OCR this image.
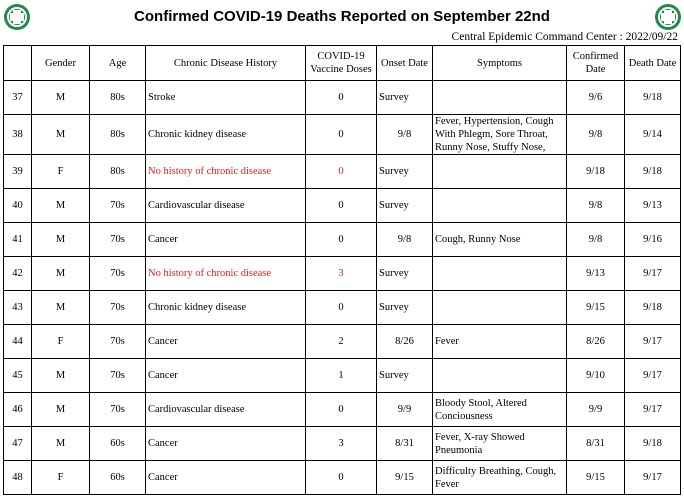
Confirmed COVID-19 Deaths Reported on September 22nd
Central Epidemic Command Center : 2022/09/22
	Gender	Age	Chronic Disease History	COVID-19 Vaccine Doses	Onset Date	Symptoms	Confirmed Date	Death Date
37	M	80s	Stroke	0	Survey		9/6	9/18
38	M	80s	Chronic kidney disease	0	9/8	Fever, Hypertension, Cough With Phlegm, Sore Throat, Runny Nose, Stuffy Nose,	9/8	9/14
39	F	80s	No history of chronic disease	0	Survey		9/18	9/18
40	M	70s	Cardiovascular disease	0	Survey		9/8	9/13
41	M	70s	Cancer	0	9/8	Cough, Runny Nose	9/8	9/16
42	M	70s	No history of chronic disease	3	Survey		9/13	9/17
43	M	70s	Chronic kidney disease	0	Survey		9/15	9/18
44	F	70s	Cancer	2	8/26	Fever	8/26	9/17
45	M	70s	Cancer	1	Survey		9/10	9/17
46	M	70s	Cardiovascular disease	0	9/9	Bloody Stool, Altered Conciousness	9/9	9/17
47	M	60s	Cancer	3	8/31	Fever, X-ray Showed Pneumonia	8/31	9/18
48	F	60s	Cancer	0	9/15	Difficulty Breathing, Cough, Fever	9/15	9/17
